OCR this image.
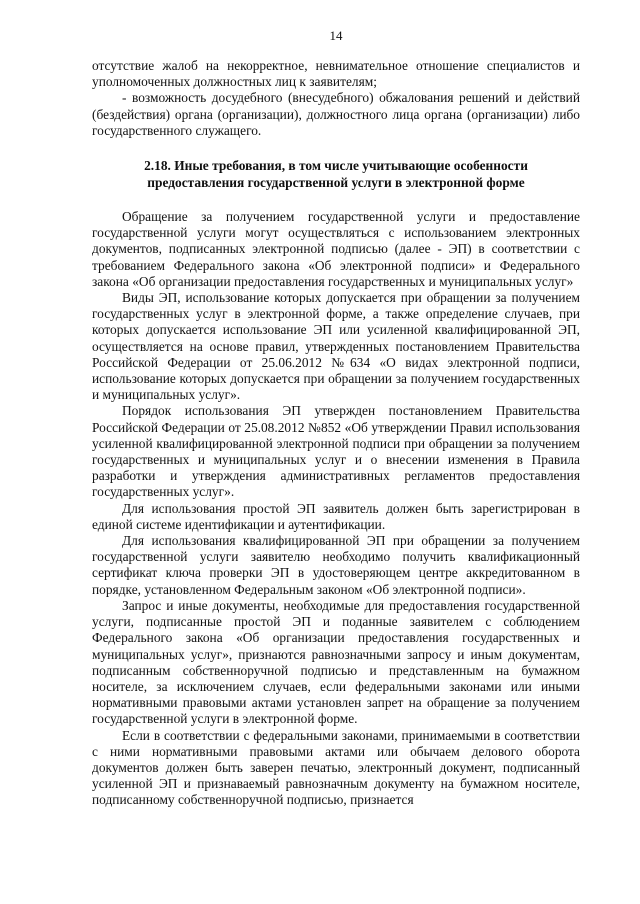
14

отсутствие жалоб на некорректное, невнимательное отношение специалистов и уполномоченных должностных лиц к заявителям;

- возможность досудебного (внесудебного) обжалования решений и действий (бездействия) органа (организации), должностного лица органа (организации) либо государственного служащего.

2.18. Иные требования, в том числе учитывающие особенности
предоставления государственной услуги в электронной форме

Обращение за получением государственной услуги и предоставление государственной услуги могут осуществляться с использованием электронных документов, подписанных электронной подписью (далее - ЭП) в соответствии с требованием Федерального закона «Об электронной подписи» и Федерального закона «Об организации предоставления государственных и муниципальных услуг»

Виды ЭП, использование которых допускается при обращении за получением государственных услуг в электронной форме, а также определение случаев, при которых допускается использование ЭП или усиленной квалифицированной ЭП, осуществляется на основе правил, утвержденных постановлением Правительства Российской Федерации от 25.06.2012 №634 «О видах электронной подписи, использование которых допускается при обращении за получением государственных и муниципальных услуг».

Порядок использования ЭП утвержден постановлением Правительства Российской Федерации от 25.08.2012 №852 «Об утверждении Правил использования усиленной квалифицированной электронной подписи при обращении за получением государственных и муниципальных услуг и о внесении изменения в Правила разработки и утверждения административных регламентов предоставления государственных услуг».

Для использования простой ЭП заявитель должен быть зарегистрирован в единой системе идентификации и аутентификации.

Для использования квалифицированной ЭП при обращении за получением государственной услуги заявителю необходимо получить квалификационный сертификат ключа проверки ЭП в удостоверяющем центре аккредитованном в порядке, установленном Федеральным законом «Об электронной подписи».

Запрос и иные документы, необходимые для предоставления государственной услуги, подписанные простой ЭП и поданные заявителем с соблюдением Федерального закона «Об организации предоставления государственных и муниципальных услуг», признаются равнозначными запросу и иным документам, подписанным собственноручной подписью и представленным на бумажном носителе, за исключением случаев, если федеральными законами или иными нормативными правовыми актами установлен запрет на обращение за получением государственной услуги в электронной форме.

Если в соответствии с федеральными законами, принимаемыми в соответствии с ними нормативными правовыми актами или обычаем делового оборота документов должен быть заверен печатью, электронный документ, подписанный усиленной ЭП и признаваемый равнозначным документу на бумажном носителе, подписанному собственноручной подписью, признается
